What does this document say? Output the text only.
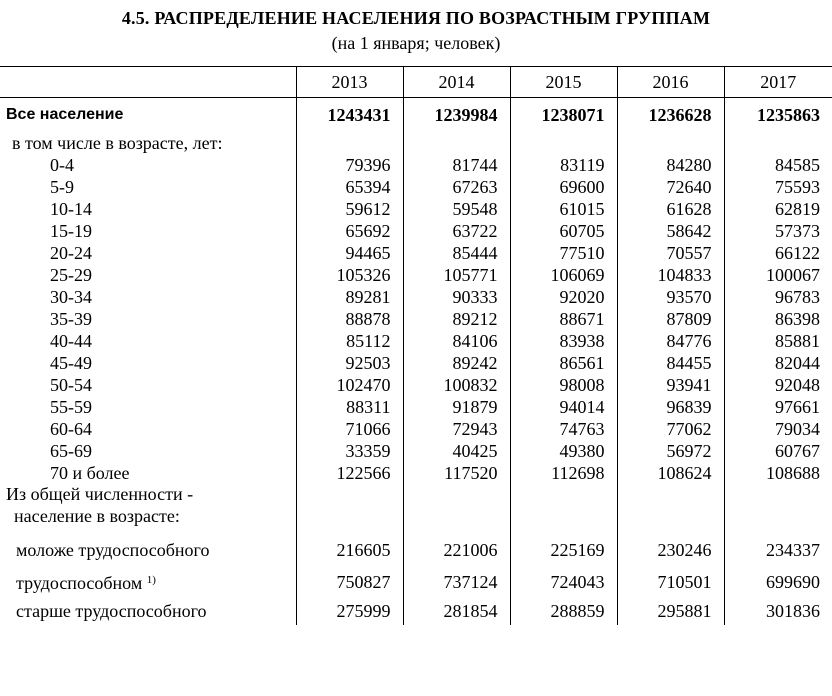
4.5. РАСПРЕДЕЛЕНИЕ НАСЕЛЕНИЯ ПО ВОЗРАСТНЫМ ГРУППАМ
(на 1 января; человек)
	2013	2014	2015	2016	2017
Все население	1243431	1239984	1238071	1236628	1235863
в том числе в возрасте, лет:					
0-4	79396	81744	83119	84280	84585
5-9	65394	67263	69600	72640	75593
10-14	59612	59548	61015	61628	62819
15-19	65692	63722	60705	58642	57373
20-24	94465	85444	77510	70557	66122
25-29	105326	105771	106069	104833	100067
30-34	89281	90333	92020	93570	96783
35-39	88878	89212	88671	87809	86398
40-44	85112	84106	83938	84776	85881
45-49	92503	89242	86561	84455	82044
50-54	102470	100832	98008	93941	92048
55-59	88311	91879	94014	96839	97661
60-64	71066	72943	74763	77062	79034
65-69	33359	40425	49380	56972	60767
70 и более	122566	117520	112698	108624	108688
Из общей численности -					
население в возрасте:					
моложе трудоспособного	216605	221006	225169	230246	234337
трудоспособном $^{1)}$	750827	737124	724043	710501	699690
старше трудоспособного	275999	281854	288859	295881	301836
